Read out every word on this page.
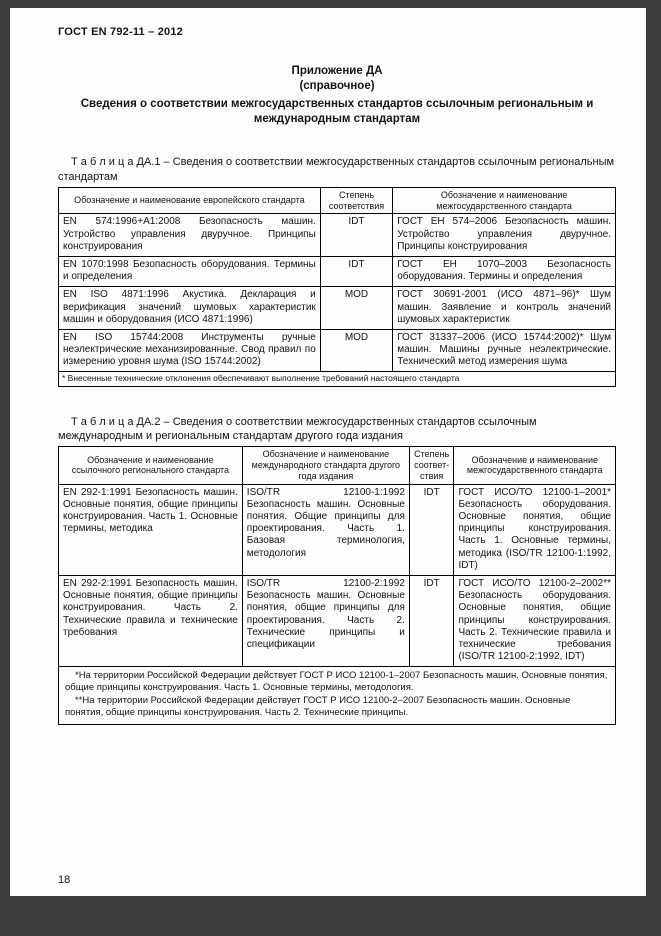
ГОСТ EN 792-11 – 2012
Приложение ДА
(справочное)
Сведения о соответствии межгосударственных стандартов ссылочным региональным и международным стандартам

Т а б л и ц а ДА.1 – Сведения о соответствии межгосударственных стандартов ссылочным региональным стандартам

Обозначение и наименование европейского стандарта	Степень соответствия	Обозначение и наименование межгосударственного стандарта
EN 574:1996+А1:2008 Безопасность машин. Устройство управления двуручное. Принципы конструирования	IDT	ГОСТ ЕН 574–2006 Безопасность машин. Устройство управления двуручное. Принципы конструирования
EN 1070:1998 Безопасность оборудования. Термины и определения	IDT	ГОСТ ЕН 1070–2003 Безопасность оборудования. Термины и определения
EN ISO 4871:1996 Акустика. Декларация и верификация значений шумовых характеристик машин и оборудования (ИСО 4871:1996)	MOD	ГОСТ 30691-2001 (ИСО 4871–96)* Шум машин. Заявление и контроль значений шумовых характеристик
EN ISO 15744:2008 Инструменты ручные неэлектрические механизированные. Свод правил по измерению уровня шума (ISO 15744:2002)	MOD	ГОСТ 31337–2006 (ИСО 15744:2002)* Шум машин. Машины ручные неэлектрические. Технический метод измерения шума
* Внесенные технические отклонения обеспечивают выполнение требований настоящего стандарта		

Т а б л и ц а ДА.2 – Сведения о соответствии межгосударственных стандартов ссылочным международным и региональным стандартам другого года издания

Обозначение и наименование ссылочного регионального стандарта	Обозначение и наименование международного стандарта другого года издания	Степень соответствия	Обозначение и наименование межгосударственного стандарта
EN 292-1:1991 Безопасность машин. Основные понятия, общие принципы конструирования. Часть 1. Основные термины, методика	ISO/TR 12100-1:1992 Безопасность машин. Основные понятия. Общие принципы для проектирования. Часть 1. Базовая терминология, методология	IDT	ГОСТ ИСО/ТО 12100-1–2001* Безопасность оборудования. Основные понятия, общие принципы конструирования. Часть 1. Основные термины, методика (ISO/TR 12100-1:1992, IDT)
EN 292-2:1991 Безопасность машин. Основные понятия, общие принципы конструирования. Часть 2. Технические правила и технические требования	ISO/TR 12100-2:1992 Безопасность машин. Основные понятия, общие принципы для проектирования. Часть 2. Технические принципы и спецификации	IDT	ГОСТ ИСО/ТО 12100-2–2002** Безопасность оборудования. Основные понятия, общие принципы конструирования. Часть 2. Технические правила и технические требования (ISO/TR 12100-2:1992, IDT)

*На территории Российской Федерации действует ГОСТ Р ИСО 12100-1–2007 Безопасность машин. Основные понятия, общие принципы конструирования. Часть 1. Основные термины, методология.

**На территории Российской Федерации действует ГОСТ Р ИСО 12100-2–2007 Безопасность машин. Основные понятия, общие принципы конструирования. Часть 2. Технические принципы.			

18
